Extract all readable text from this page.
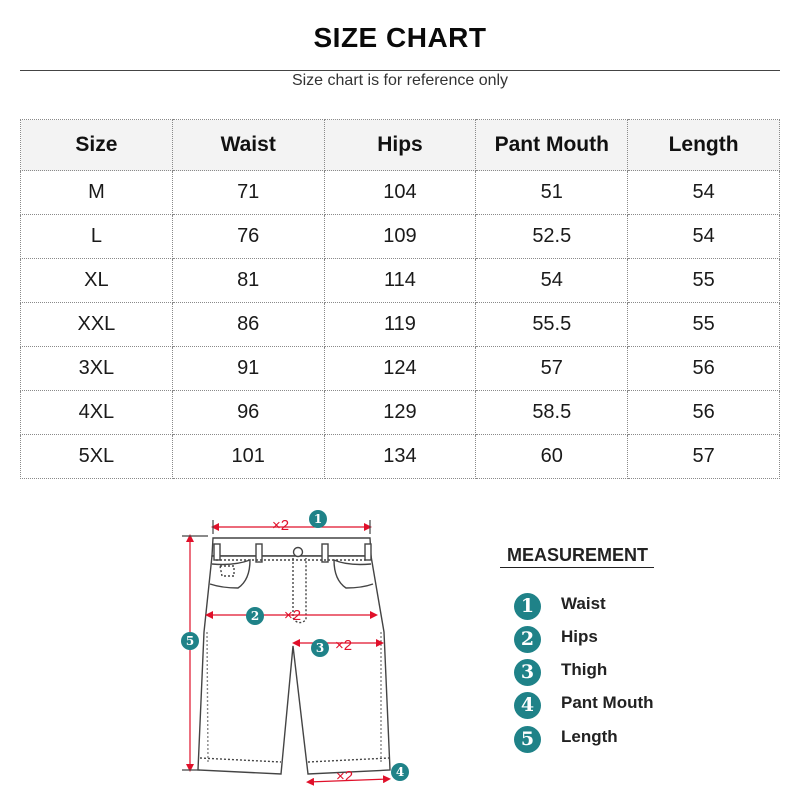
SIZE CHART
Size chart is for reference only
Size	Waist	Hips	Pant Mouth	Length
M	71	104	51	54
L	76	109	52.5	54
XL	81	114	54	55
XXL	86	119	55.5	55
3XL	91	124	57	56
4XL	96	129	58.5	56
5XL	101	134	60	57
×2
×2
×2
×2
1
2
3
4
5
MEASUREMENT
1	Waist
2	Hips
3	Thigh
4	Pant Mouth
5	Length
